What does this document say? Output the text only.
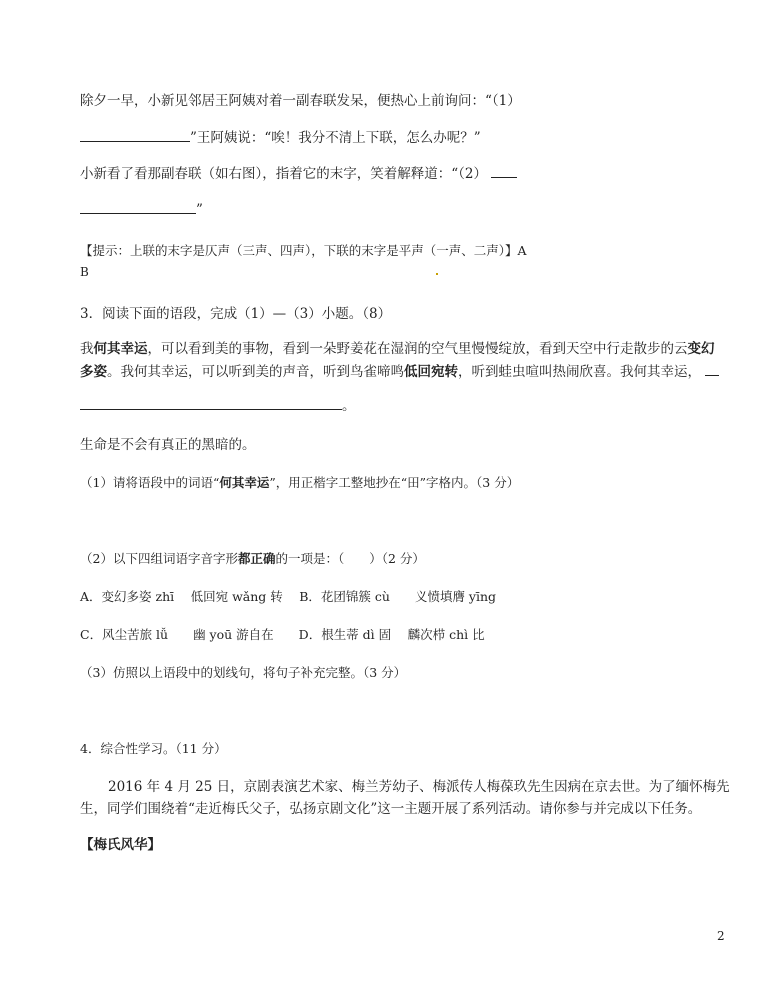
除夕一早，小新见邻居王阿姨对着一副春联发呆，便热心上前询问：“（1）
”王阿姨说：“唉！我分不清上下联，怎么办呢？”
小新看了看那副春联（如右图），指着它的末字，笑着解释道：“（2）
”
【提示：上联的末字是仄声（三声、四声），下联的末字是平声（一声、二声）】A
B
3．阅读下面的语段，完成（1）—（3）小题。（8）
我何其幸运，可以看到美的事物，看到一朵野姜花在湿润的空气里慢慢绽放，看到天空中行走散步的云变幻
多姿。我何其幸运，可以听到美的声音，听到鸟雀啼鸣低回宛转，听到蛙虫喧叫热闹欣喜。我何其幸运，
。
生命是不会有真正的黑暗的。
（1）请将语段中的词语“何其幸运”，用正楷字工整地抄在“田”字格内。（3 分）
（2）以下四组词语字音字形都正确的一项是：（　　）（2 分）
A．变幻多姿 zhī　 低回宛 wǎng 转　 B．花团锦簇 cù　　义愤填膺 yīng
C．风尘苦旅 lǚ　　幽 yoū 游自在　　D．根生蒂 dì 固　 麟次栉 chì 比
（3）仿照以上语段中的划线句，将句子补充完整。（3 分）
4．综合性学习。（11 分）
2016 年 4 月 25 日，京剧表演艺术家、梅兰芳幼子、梅派传人梅葆玖先生因病在京去世。为了缅怀梅先
生，同学们围绕着“走近梅氏父子，弘扬京剧文化”这一主题开展了系列活动。请你参与并完成以下任务。
【梅氏风华】
2
